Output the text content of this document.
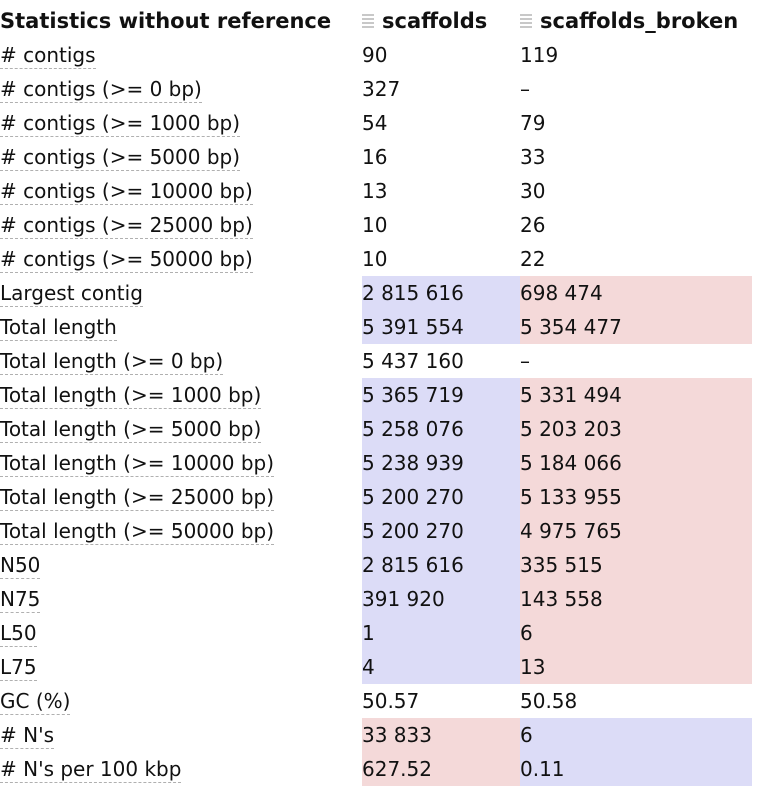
Statistics without reference	scaffolds	scaffolds_broken
# contigs	90	119
# contigs (>= 0 bp)	327	–
# contigs (>= 1000 bp)	54	79
# contigs (>= 5000 bp)	16	33
# contigs (>= 10000 bp)	13	30
# contigs (>= 25000 bp)	10	26
# contigs (>= 50000 bp)	10	22
Largest contig	2 815 616	698 474
Total length	5 391 554	5 354 477
Total length (>= 0 bp)	5 437 160	–
Total length (>= 1000 bp)	5 365 719	5 331 494
Total length (>= 5000 bp)	5 258 076	5 203 203
Total length (>= 10000 bp)	5 238 939	5 184 066
Total length (>= 25000 bp)	5 200 270	5 133 955
Total length (>= 50000 bp)	5 200 270	4 975 765
N50	2 815 616	335 515
N75	391 920	143 558
L50	1	6
L75	4	13
GC (%)	50.57	50.58
# N's	33 833	6
# N's per 100 kbp	627.52	0.11
